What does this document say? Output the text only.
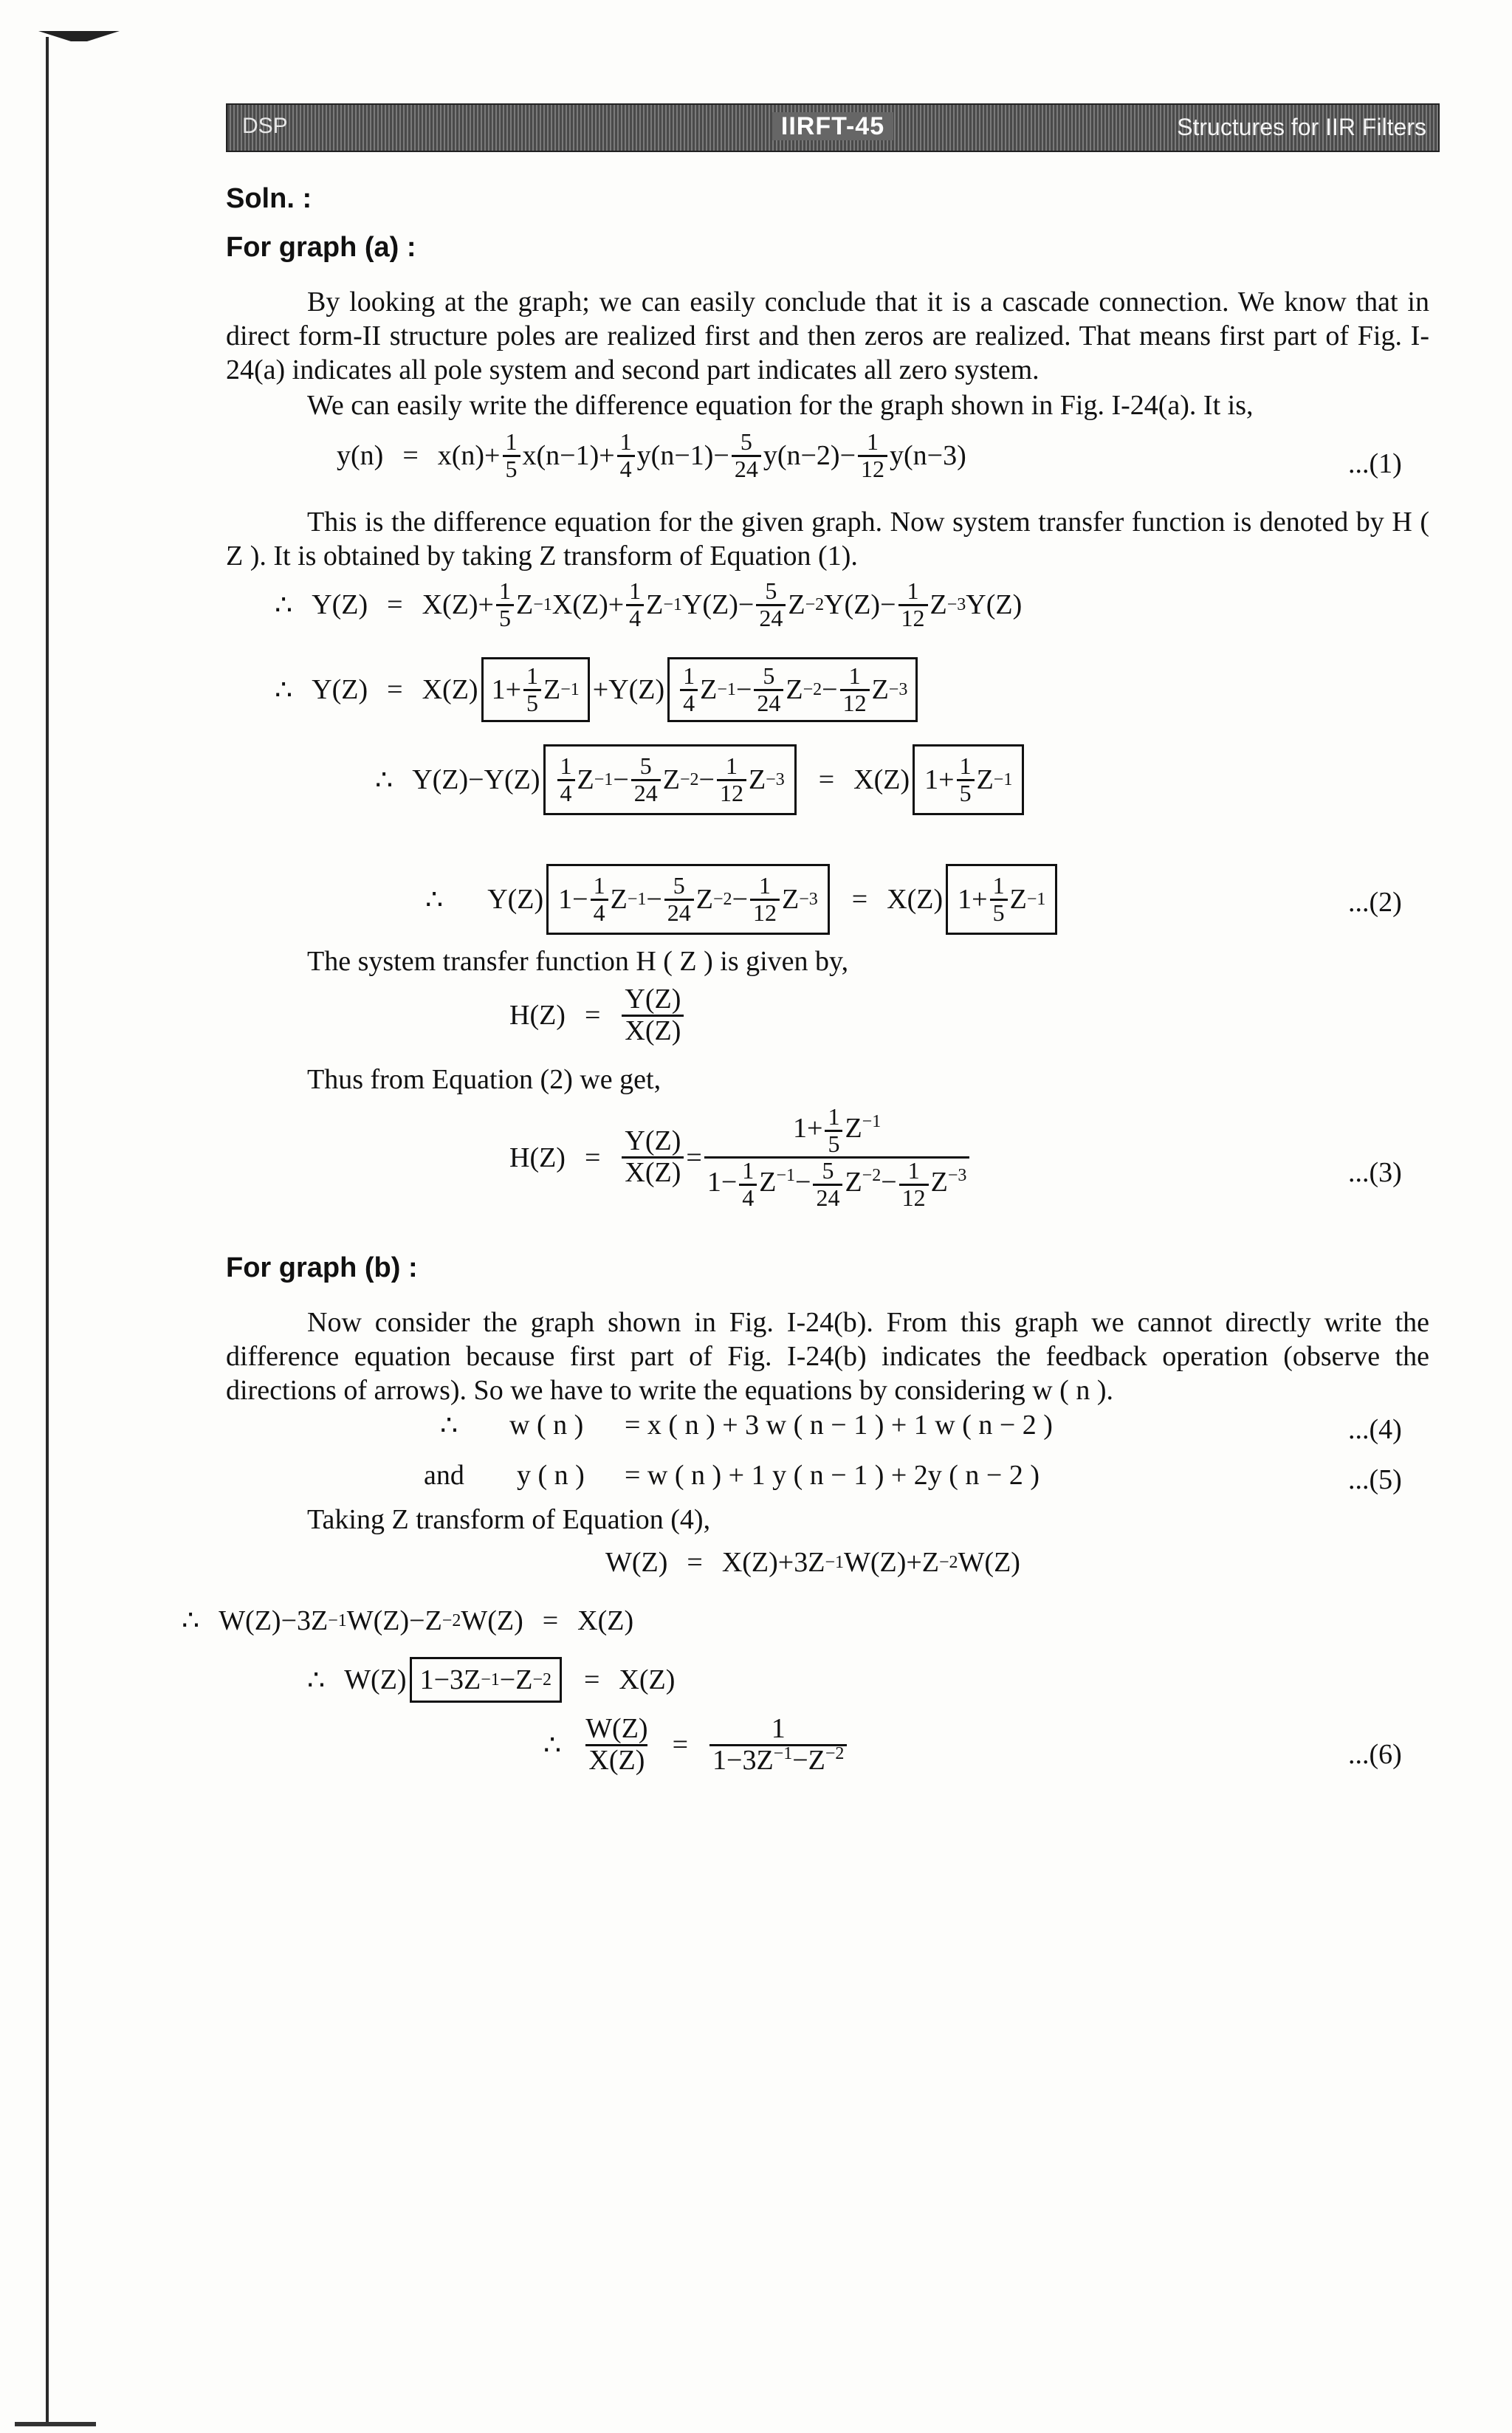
DSP	IIRFT-45	Structures for IIR Filters
Soln. :
For graph (a) :
By looking at the graph; we can easily conclude that it is a cascade connection. We know that in direct form-II structure poles are realized first and then zeros are realized. That means first part of Fig. I-24(a) indicates all pole system and second part indicates all zero system.
We can easily write the difference equation for the graph shown in Fig. I-24(a). It is,
$y(n) = x(n)+ \frac{1}{5} x(n-1)+ \frac{1}{4} y(n-1)- \frac{5}{24} y(n-2)- \frac{1}{12} y(n-3)$	...(1)
This is the difference equation for the given graph. Now system transfer function is denoted by H ( Z ). It is obtained by taking Z transform of Equation (1).
∴ $Y(Z) = X(Z)+ \frac{1}{5}$ Z −1 $X(Z)+ \frac{1}{4}$ Z −1 $Y(Z)- \frac{5}{24}$ Z −2 $Y(Z)- \frac{1}{12}$ Z −3 Y(Z)
∴ Y(Z) = X(Z) $1+ \frac{1}{5}$ $Z -1 +Y(Z) \frac{1}{4}$ $Z -1 - \frac{5}{24}$ $Z -2 - \frac{1}{12}$ Z −3
∴ $Y(Z)-Y(Z) \frac{1}{4}$ $Z -1 - \frac{5}{24}$ $Z -2 - \frac{1}{12}$ Z −3 = X(Z) $1+ \frac{1}{5}$ Z −1
∴ Y(Z) $1- \frac{1}{4}$ $Z -1 - \frac{5}{24}$ $Z -2 - \frac{1}{12}$ Z −3 = X(Z) $1+ \frac{1}{5}$ Z −1	...(2)
The system transfer function H ( Z ) is given by,
$H(Z) = \frac{Y(Z)}{X(Z)}$
Thus from Equation (2) we get,
$H(Z) = \frac{Y(Z)}{X(Z)} = \frac{1+ \frac{1}{5} Z^{-1}}{1- \frac{1}{4} Z^{-1}- \frac{5}{24} Z^{-2}- \frac{1}{12} Z^{-3}}$	...(3)
For graph (b) :
Now consider the graph shown in Fig. I-24(b). From this graph we cannot directly write the difference equation because first part of Fig. I-24(b) indicates the feedback operation (observe the directions of arrows). So we have to write the equations by considering w ( n ).
∴ w ( n ) = x ( n ) + 3 w ( n − 1 ) + 1 w ( n − 2 )	...(4)
and y ( n ) = w ( n ) + 1 y ( n − 1 ) + 2y ( n − 2 )	...(5)
Taking Z transform of Equation (4),
W(Z) = X(Z)+3Z −1 W(Z)+Z −2 W(Z)
∴ W(Z)−3Z −1 W(Z)−Z −2 W(Z) = X(Z)
∴ W(Z) 1−3Z −1 −Z −2 = X(Z)
∴ $\frac{W(Z)}{X(Z)} = \frac{1}{1-3Z^{-1}-Z^{-2}}$	...(6)
